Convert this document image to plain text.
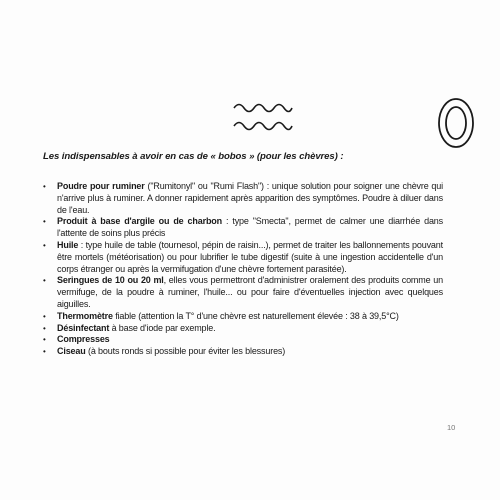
Les indispensables à avoir en cas de « bobos » (pour les chèvres) :
• Poudre pour ruminer ("Rumitonyl" ou "Rumi Flash") : unique solution pour soigner une chèvre qui n'arrive plus à ruminer. A donner rapidement après apparition des symptômes. Poudre à diluer dans de l'eau.
• Produit à base d'argile ou de charbon : type "Smecta", permet de calmer une diarrhée dans l'attente de soins plus précis
• Huile : type huile de table (tournesol, pépin de raisin...), permet de traiter les ballonnements pouvant être mortels (météorisation) ou pour lubrifier le tube digestif (suite à une ingestion accidentelle d'un corps étranger ou après la vermifugation d'une chèvre fortement parasitée).
• Seringues de 10 ou 20 ml, elles vous permettront d'administrer oralement des produits comme un vermifuge, de la poudre à ruminer, l'huile... ou pour faire d'éventuelles injection avec quelques aiguilles.
• Thermomètre fiable (attention la T° d'une chèvre est naturellement élevée : 38 à 39,5°C)
• Désinfectant à base d'iode par exemple.
• Compresses
• Ciseau (à bouts ronds si possible pour éviter les blessures)
10
